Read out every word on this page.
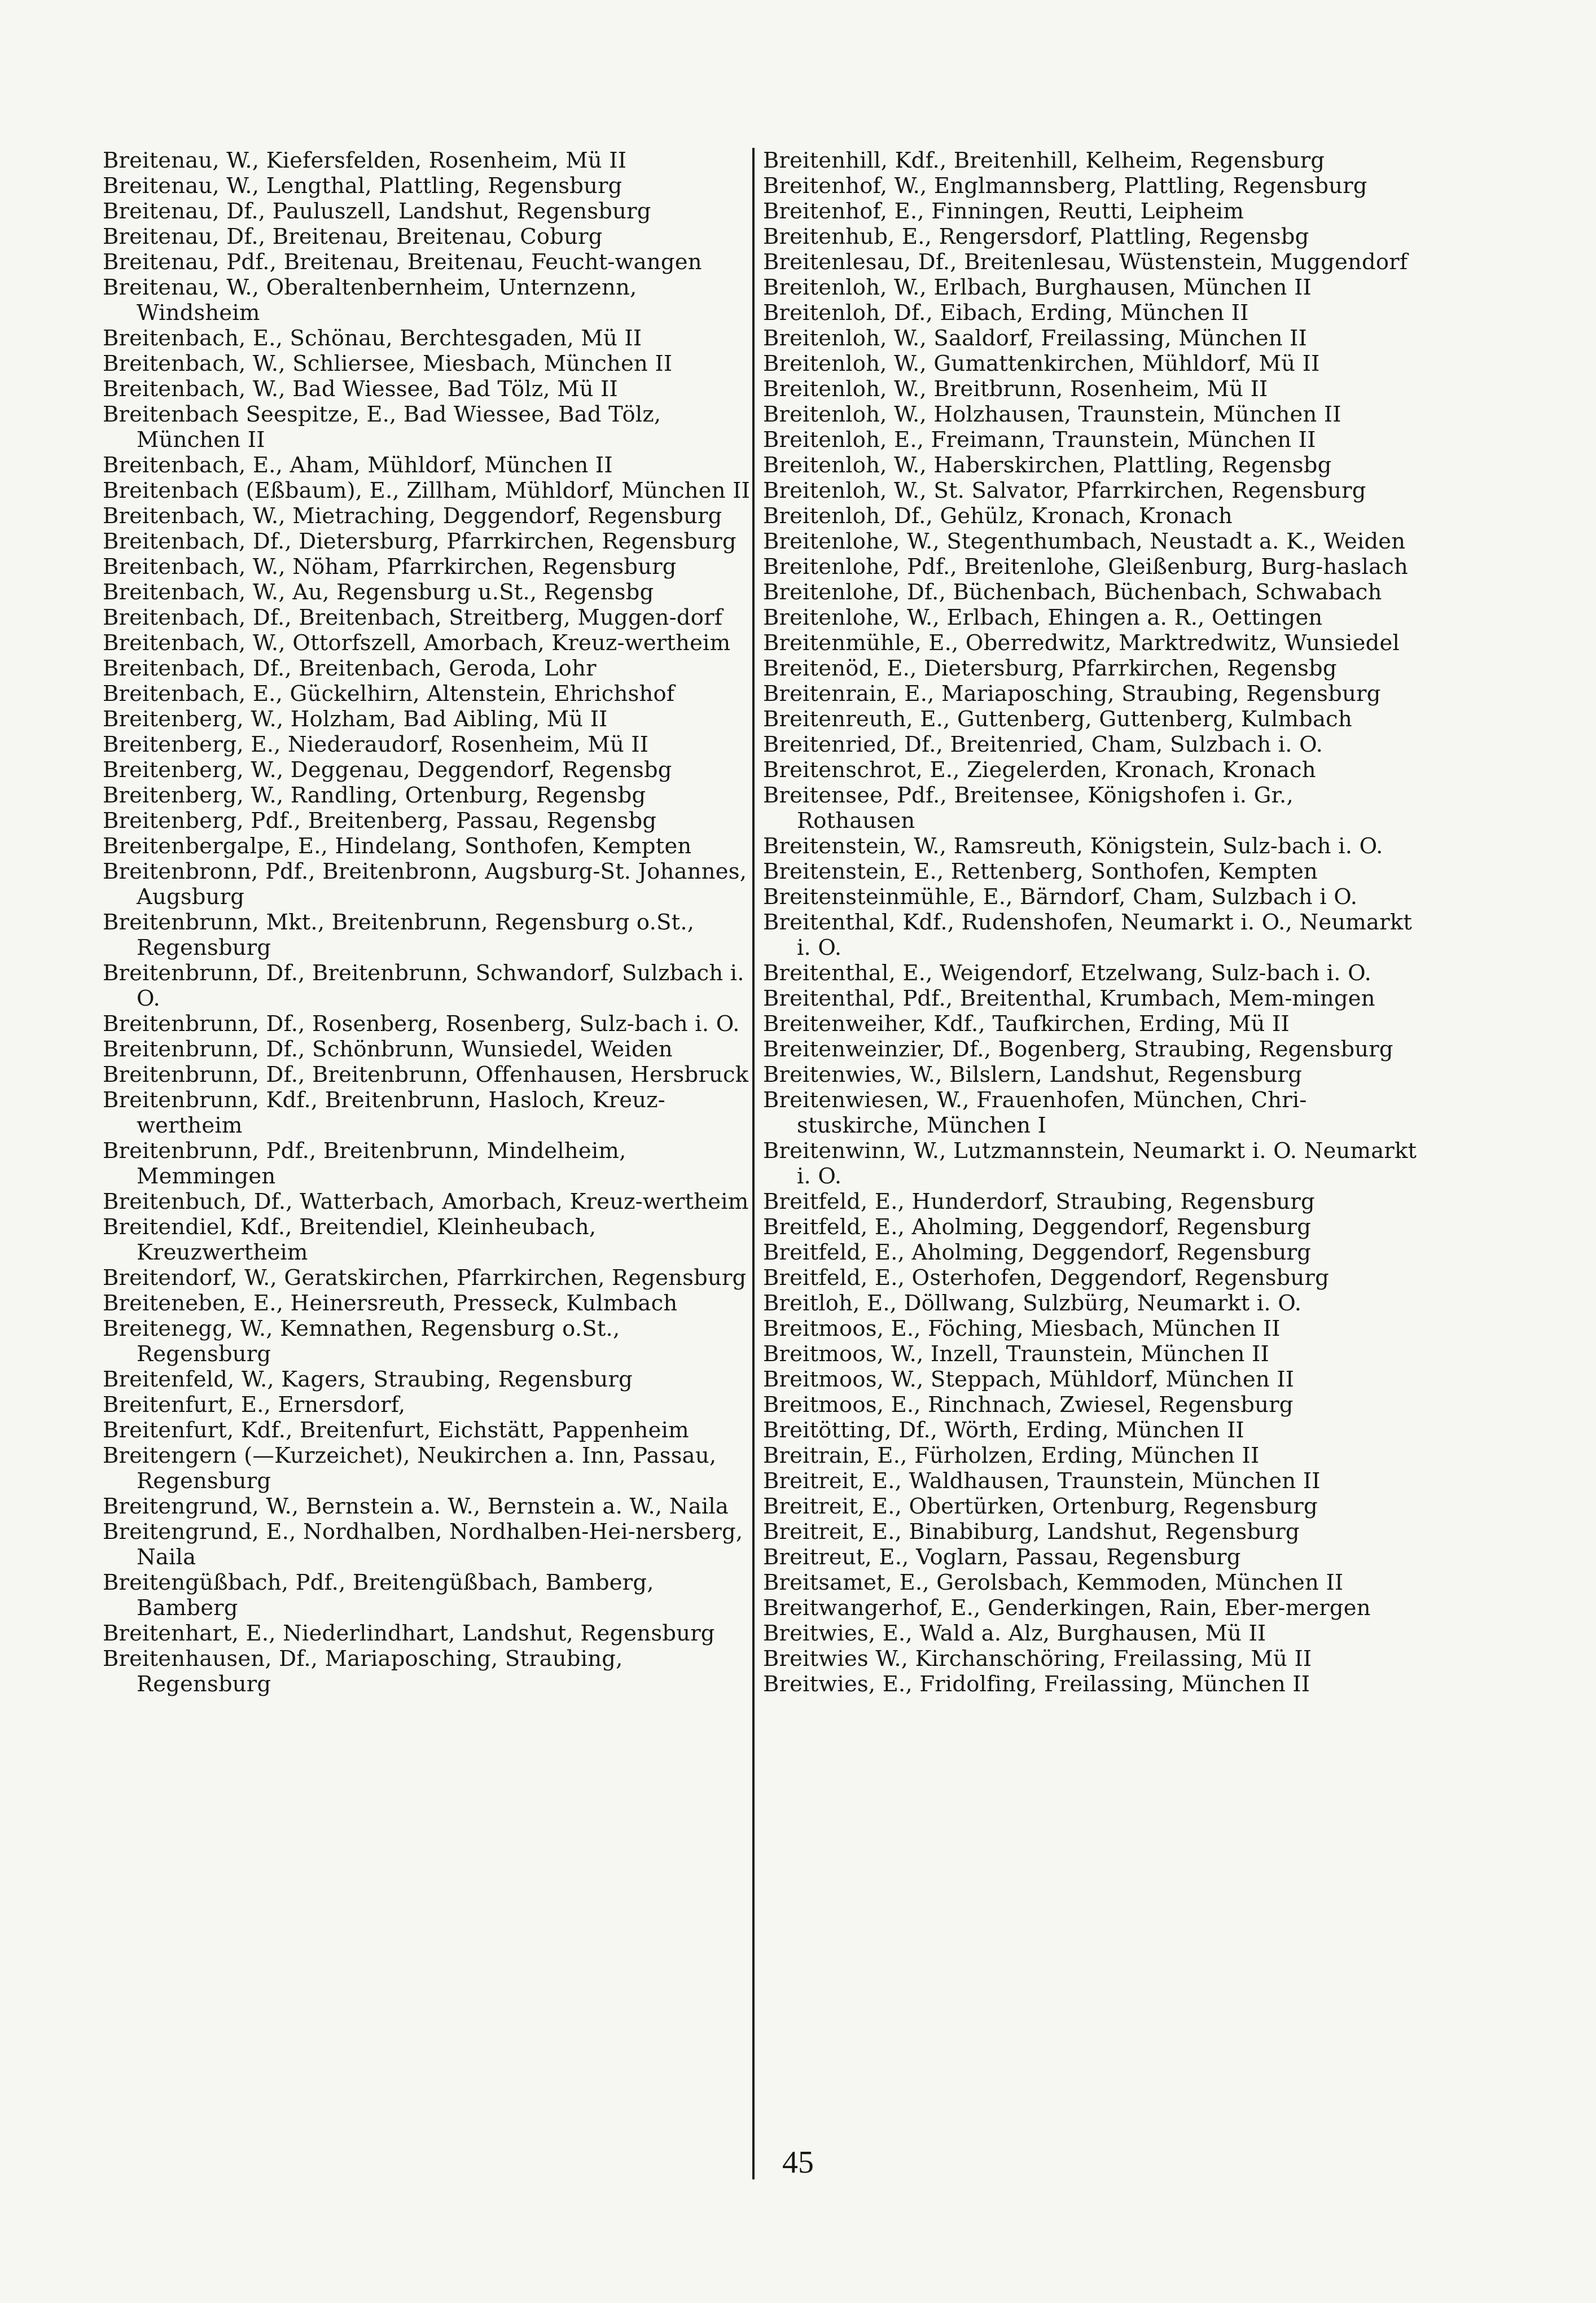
Breitenau, W., Kiefersfelden, Rosenheim, Mü II
Breitenau, W., Lengthal, Plattling, Regensburg
Breitenau, Df., Pauluszell, Landshut, Regensburg
Breitenau, Df., Breitenau, Breitenau, Coburg
Breitenau, Pdf., Breitenau, Breitenau, Feucht-wangen
Breitenau, W., Oberaltenbernheim, Unternzenn, Windsheim
Breitenbach, E., Schönau, Berchtesgaden, Mü II
Breitenbach, W., Schliersee, Miesbach, München II
Breitenbach, W., Bad Wiessee, Bad Tölz, Mü II
Breitenbach Seespitze, E., Bad Wiessee, Bad Tölz, München II
Breitenbach, E., Aham, Mühldorf, München II
Breitenbach (Eßbaum), E., Zillham, Mühldorf, München II
Breitenbach, W., Mietraching, Deggendorf, Regensburg
Breitenbach, Df., Dietersburg, Pfarrkirchen, Regensburg
Breitenbach, W., Nöham, Pfarrkirchen, Regensburg
Breitenbach, W., Au, Regensburg u.St., Regensbg
Breitenbach, Df., Breitenbach, Streitberg, Muggen-dorf
Breitenbach, W., Ottorfszell, Amorbach, Kreuz-wertheim
Breitenbach, Df., Breitenbach, Geroda, Lohr
Breitenbach, E., Gückelhirn, Altenstein, Ehrichshof
Breitenberg, W., Holzham, Bad Aibling, Mü II
Breitenberg, E., Niederaudorf, Rosenheim, Mü II
Breitenberg, W., Deggenau, Deggendorf, Regensbg
Breitenberg, W., Randling, Ortenburg, Regensbg
Breitenberg, Pdf., Breitenberg, Passau, Regensbg
Breitenbergalpe, E., Hindelang, Sonthofen, Kempten
Breitenbronn, Pdf., Breitenbronn, Augsburg-St. Johannes, Augsburg
Breitenbrunn, Mkt., Breitenbrunn, Regensburg o.St., Regensburg
Breitenbrunn, Df., Breitenbrunn, Schwandorf, Sulzbach i. O.
Breitenbrunn, Df., Rosenberg, Rosenberg, Sulz-bach i. O.
Breitenbrunn, Df., Schönbrunn, Wunsiedel, Weiden
Breitenbrunn, Df., Breitenbrunn, Offenhausen, Hersbruck
Breitenbrunn, Kdf., Breitenbrunn, Hasloch, Kreuz-wertheim
Breitenbrunn, Pdf., Breitenbrunn, Mindelheim, Memmingen
Breitenbuch, Df., Watterbach, Amorbach, Kreuz-wertheim
Breitendiel, Kdf., Breitendiel, Kleinheubach, Kreuzwertheim
Breitendorf, W., Geratskirchen, Pfarrkirchen, Regensburg
Breiteneben, E., Heinersreuth, Presseck, Kulmbach
Breitenegg, W., Kemnathen, Regensburg o.St., Regensburg
Breitenfeld, W., Kagers, Straubing, Regensburg
Breitenfurt, E., Ernersdorf,
Breitenfurt, Kdf., Breitenfurt, Eichstätt, Pappenheim
Breitengern (—Kurzeichet), Neukirchen a. Inn, Passau, Regensburg
Breitengrund, W., Bernstein a. W., Bernstein a. W., Naila
Breitengrund, E., Nordhalben, Nordhalben-Hei-nersberg, Naila
Breitengüßbach, Pdf., Breitengüßbach, Bamberg, Bamberg
Breitenhart, E., Niederlindhart, Landshut, Regensburg
Breitenhausen, Df., Mariaposching, Straubing, Regensburg
Breitenhill, Kdf., Breitenhill, Kelheim, Regensburg
Breitenhof, W., Englmannsberg, Plattling, Regensburg
Breitenhof, E., Finningen, Reutti, Leipheim
Breitenhub, E., Rengersdorf, Plattling, Regensbg
Breitenlesau, Df., Breitenlesau, Wüstenstein, Muggendorf
Breitenloh, W., Erlbach, Burghausen, München II
Breitenloh, Df., Eibach, Erding, München II
Breitenloh, W., Saaldorf, Freilassing, München II
Breitenloh, W., Gumattenkirchen, Mühldorf, Mü II
Breitenloh, W., Breitbrunn, Rosenheim, Mü II
Breitenloh, W., Holzhausen, Traunstein, München II
Breitenloh, E., Freimann, Traunstein, München II
Breitenloh, W., Haberskirchen, Plattling, Regensbg
Breitenloh, W., St. Salvator, Pfarrkirchen, Regensburg
Breitenloh, Df., Gehülz, Kronach, Kronach
Breitenlohe, W., Stegenthumbach, Neustadt a. K., Weiden
Breitenlohe, Pdf., Breitenlohe, Gleißenburg, Burg-haslach
Breitenlohe, Df., Büchenbach, Büchenbach, Schwabach
Breitenlohe, W., Erlbach, Ehingen a. R., Oettingen
Breitenmühle, E., Oberredwitz, Marktredwitz, Wunsiedel
Breitenöd, E., Dietersburg, Pfarrkirchen, Regensbg
Breitenrain, E., Mariaposching, Straubing, Regensburg
Breitenreuth, E., Guttenberg, Guttenberg, Kulmbach
Breitenried, Df., Breitenried, Cham, Sulzbach i. O.
Breitenschrot, E., Ziegelerden, Kronach, Kronach
Breitensee, Pdf., Breitensee, Königshofen i. Gr., Rothausen
Breitenstein, W., Ramsreuth, Königstein, Sulz-bach i. O.
Breitenstein, E., Rettenberg, Sonthofen, Kempten
Breitensteinmühle, E., Bärndorf, Cham, Sulzbach i O.
Breitenthal, Kdf., Rudenshofen, Neumarkt i. O., Neumarkt i. O.
Breitenthal, E., Weigendorf, Etzelwang, Sulz-bach i. O.
Breitenthal, Pdf., Breitenthal, Krumbach, Mem-mingen
Breitenweiher, Kdf., Taufkirchen, Erding, Mü II
Breitenweinzier, Df., Bogenberg, Straubing, Regensburg
Breitenwies, W., Bilslern, Landshut, Regensburg
Breitenwiesen, W., Frauenhofen, München, Chri-stuskirche, München I
Breitenwinn, W., Lutzmannstein, Neumarkt i. O. Neumarkt i. O.
Breitfeld, E., Hunderdorf, Straubing, Regensburg
Breitfeld, E., Aholming, Deggendorf, Regensburg
Breitfeld, E., Aholming, Deggendorf, Regensburg
Breitfeld, E., Osterhofen, Deggendorf, Regensburg
Breitloh, E., Döllwang, Sulzbürg, Neumarkt i. O.
Breitmoos, E., Föching, Miesbach, München II
Breitmoos, W., Inzell, Traunstein, München II
Breitmoos, W., Steppach, Mühldorf, München II
Breitmoos, E., Rinchnach, Zwiesel, Regensburg
Breitötting, Df., Wörth, Erding, München II
Breitrain, E., Fürholzen, Erding, München II
Breitreit, E., Waldhausen, Traunstein, München II
Breitreit, E., Obertürken, Ortenburg, Regensburg
Breitreit, E., Binabiburg, Landshut, Regensburg
Breitreut, E., Voglarn, Passau, Regensburg
Breitsamet, E., Gerolsbach, Kemmoden, München II
Breitwangerhof, E., Genderkingen, Rain, Eber-mergen
Breitwies, E., Wald a. Alz, Burghausen, Mü II
Breitwies W., Kirchanschöring, Freilassing, Mü II
Breitwies, E., Fridolfing, Freilassing, München II
45
